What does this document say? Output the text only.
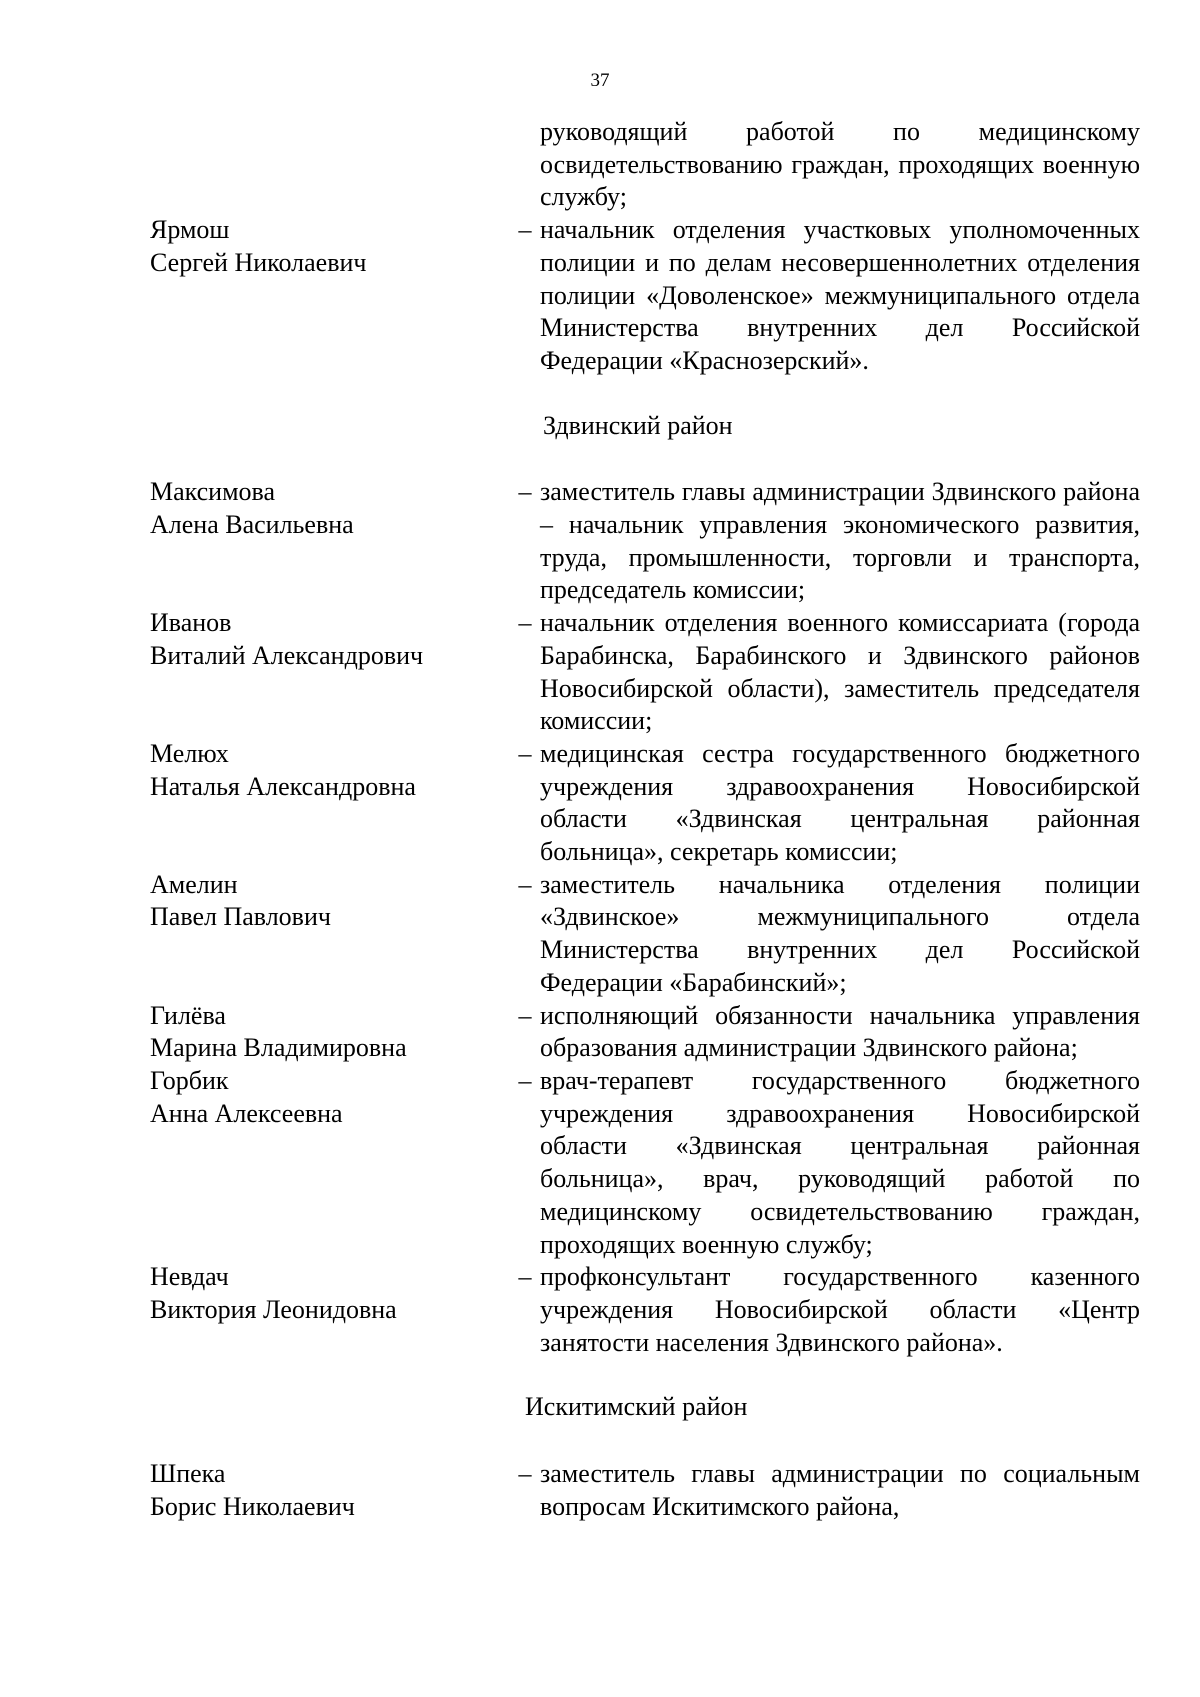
37
руководящий работой по медицинскому освидетельствованию граждан, проходящих военную службу;
Ярмош
Сергей Николаевич
– начальник отделения участковых уполномоченных полиции и по делам несовершеннолетних отделения полиции «Доволенское» межмуниципального отдела Министерства внутренних дел Российской Федерации «Краснозерский».
Здвинский район
Максимова
Алена Васильевна
– заместитель главы администрации Здвинского района – начальник управления экономического развития, труда, промышленности, торговли и транспорта, председатель комиссии;
Иванов
Виталий Александрович
– начальник отделения военного комиссариата (города Барабинска, Барабинского и Здвинского районов Новосибирской области), заместитель председателя комиссии;
Мелюх
Наталья Александровна
– медицинская сестра государственного бюджетного учреждения здравоохранения Новосибирской области «Здвинская центральная районная больница», секретарь комиссии;
Амелин
Павел Павлович
– заместитель начальника отделения полиции «Здвинское» межмуниципального отдела Министерства внутренних дел Российской Федерации «Барабинский»;
Гилёва
Марина Владимировна
– исполняющий обязанности начальника управления образования администрации Здвинского района;
Горбик
Анна Алексеевна
– врач-терапевт государственного бюджетного учреждения здравоохранения Новосибирской области «Здвинская центральная районная больница», врач, руководящий работой по медицинскому освидетельствованию граждан, проходящих военную службу;
Невдач
Виктория Леонидовна
– профконсультант государственного казенного учреждения Новосибирской области «Центр занятости населения Здвинского района».
Искитимский район
Шпека
Борис Николаевич
– заместитель главы администрации по социальным вопросам Искитимского района,
